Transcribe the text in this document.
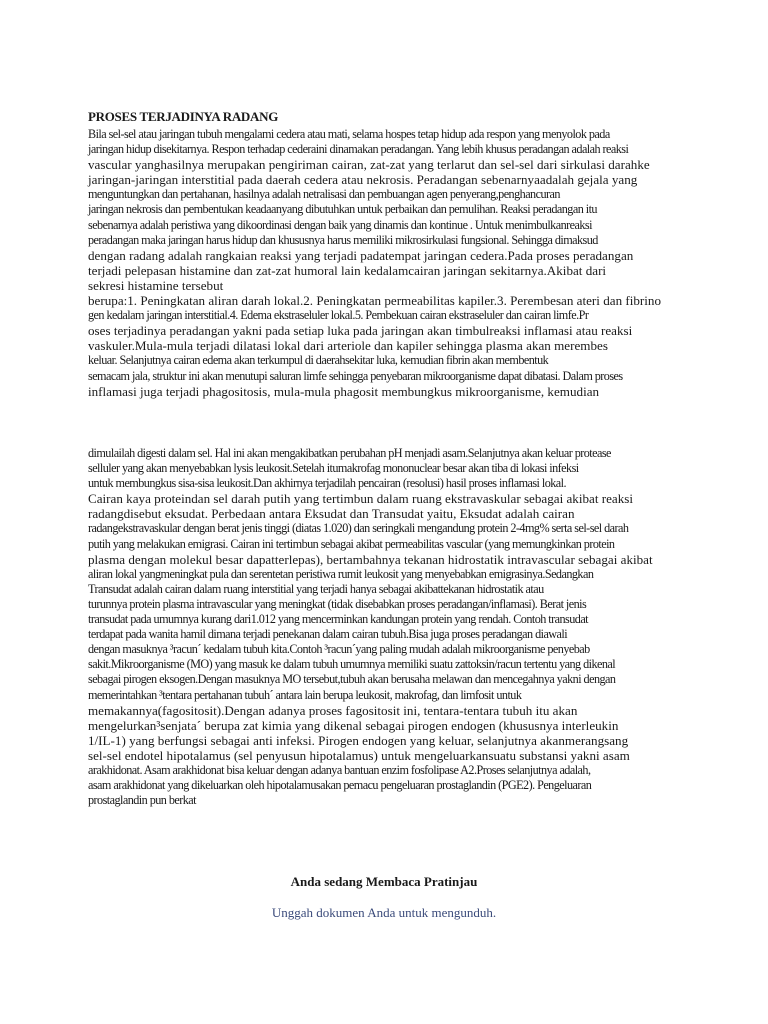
PROSES TERJADINYA RADANG
Bila sel-sel atau jaringan tubuh mengalami cedera atau mati, selama hospes tetap hidup ada respon yang menyolok pada
jaringan hidup disekitarnya. Respon terhadap cederaini dinamakan peradangan. Yang lebih khusus peradangan adalah reaksi
vascular yanghasilnya merupakan pengiriman cairan, zat-zat yang terlarut dan sel-sel dari sirkulasi darahke
jaringan-jaringan interstitial pada daerah cedera atau nekrosis. Peradangan sebenarnyaadalah gejala yang
menguntungkan dan pertahanan, hasilnya adalah netralisasi dan pembuangan agen penyerang,penghancuran
jaringan nekrosis dan pembentukan keadaanyang dibutuhkan untuk perbaikan dan pemulihan. Reaksi peradangan itu
sebenarnya adalah peristiwa yang dikoordinasi dengan baik yang dinamis dan kontinue . Untuk menimbulkanreaksi
peradangan maka jaringan harus hidup dan khususnya harus memiliki mikrosirkulasi fungsional. Sehingga dimaksud
dengan radang adalah rangkaian reaksi yang terjadi padatempat jaringan cedera.Pada proses peradangan
terjadi pelepasan histamine dan zat-zat humoral lain kedalamcairan jaringan sekitarnya.Akibat dari
sekresi histamine tersebut
berupa:1. Peningkatan aliran darah lokal.2. Peningkatan permeabilitas kapiler.3. Perembesan ateri dan fibrino
gen kedalam jaringan interstitial.4. Edema ekstraseluler lokal.5. Pembekuan cairan ekstraseluler dan cairan limfe.Pr
oses terjadinya peradangan yakni pada setiap luka pada jaringan akan timbulreaksi inflamasi atau reaksi
vaskuler.Mula-mula terjadi dilatasi lokal dari arteriole dan kapiler sehingga plasma akan merembes
keluar. Selanjutnya cairan edema akan terkumpul di daerahsekitar luka, kemudian fibrin akan membentuk
semacam jala, struktur ini akan menutupi saluran limfe sehingga penyebaran mikroorganisme dapat dibatasi. Dalam proses
inflamasi juga terjadi phagositosis, mula-mula phagosit membungkus mikroorganisme, kemudian
dimulailah digesti dalam sel. Hal ini akan mengakibatkan perubahan pH menjadi asam.Selanjutnya akan keluar protease
selluler yang akan menyebabkan lysis leukosit.Setelah itumakrofag mononuclear besar akan tiba di lokasi infeksi
untuk membungkus sisa-sisa leukosit.Dan akhirnya terjadilah pencairan (resolusi) hasil proses inflamasi lokal.
Cairan kaya proteindan sel darah putih yang tertimbun dalam ruang ekstravaskular sebagai akibat reaksi
radangdisebut eksudat. Perbedaan antara Eksudat dan Transudat yaitu, Eksudat adalah cairan
radangekstravaskular dengan berat jenis tinggi (diatas 1.020) dan seringkali mengandung protein 2-4mg% serta sel-sel darah
putih yang melakukan emigrasi. Cairan ini tertimbun sebagai akibat permeabilitas vascular (yang memungkinkan protein
plasma dengan molekul besar dapatterlepas), bertambahnya tekanan hidrostatik intravascular sebagai akibat
aliran lokal yangmeningkat pula dan serentetan peristiwa rumit leukosit yang menyebabkan emigrasinya.Sedangkan
Transudat adalah cairan dalam ruang interstitial yang terjadi hanya sebagai akibattekanan hidrostatik atau
turunnya protein plasma intravascular yang meningkat (tidak disebabkan proses peradangan/inflamasi). Berat jenis
transudat pada umumnya kurang dari1.012 yang mencerminkan kandungan protein yang rendah. Contoh transudat
terdapat pada wanita hamil dimana terjadi penekanan dalam cairan tubuh.Bisa juga proses peradangan diawali
dengan masuknya ³racun´ kedalam tubuh kita.Contoh ³racun´yang paling mudah adalah mikroorganisme penyebab
sakit.Mikroorganisme (MO) yang masuk ke dalam tubuh umumnya memiliki suatu zattoksin/racun tertentu yang dikenal
sebagai pirogen eksogen.Dengan masuknya MO tersebut,tubuh akan berusaha melawan dan mencegahnya yakni dengan
memerintahkan ³tentara pertahanan tubuh´ antara lain berupa leukosit, makrofag, dan limfosit untuk
memakannya(fagositosit).Dengan adanya proses fagositosit ini, tentara-tentara tubuh itu akan
mengelurkan³senjata´ berupa zat kimia yang dikenal sebagai pirogen endogen (khususnya interleukin
1/IL-1) yang berfungsi sebagai anti infeksi. Pirogen endogen yang keluar, selanjutnya akanmerangsang
sel-sel endotel hipotalamus (sel penyusun hipotalamus) untuk mengeluarkansuatu substansi yakni asam
arakhidonat. Asam arakhidonat bisa keluar dengan adanya bantuan enzim fosfolipase A2.Proses selanjutnya adalah,
asam arakhidonat yang dikeluarkan oleh hipotalamusakan pemacu pengeluaran prostaglandin (PGE2). Pengeluaran
prostaglandin pun berkat
Anda sedang Membaca Pratinjau
Unggah dokumen Anda untuk mengunduh.
